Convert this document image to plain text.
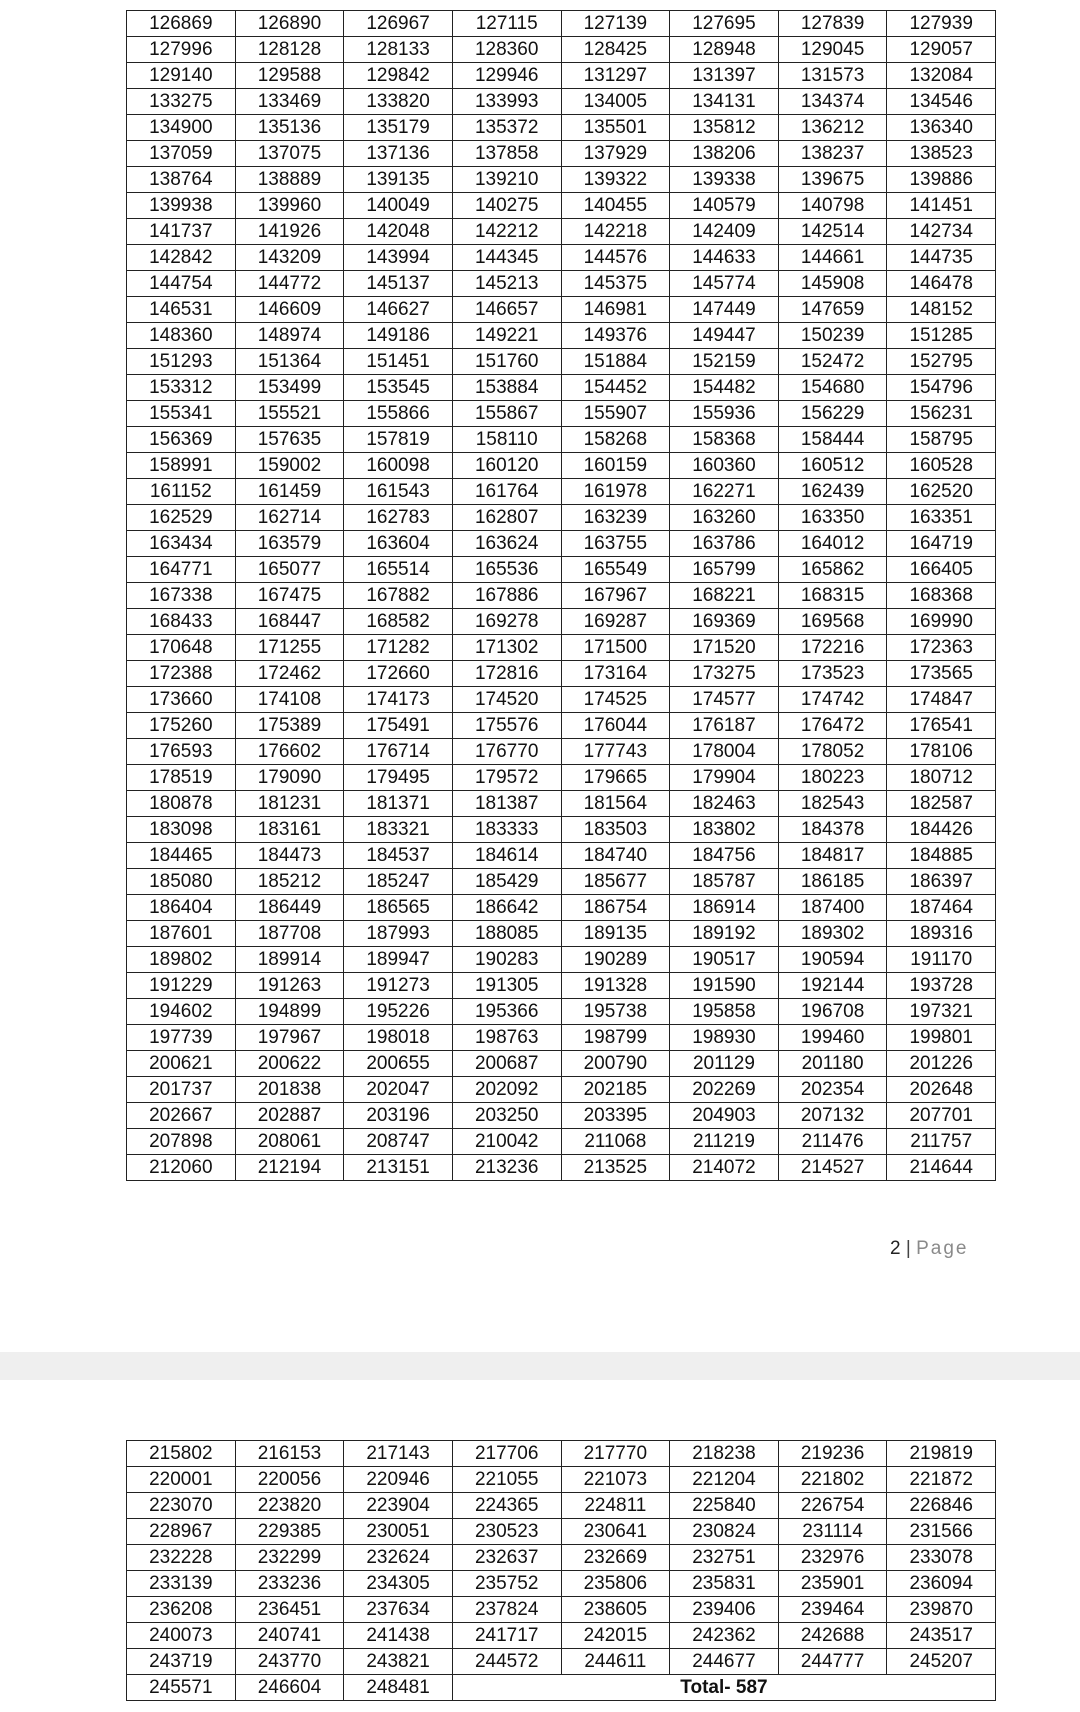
126869	126890	126967	127115	127139	127695	127839	127939
127996	128128	128133	128360	128425	128948	129045	129057
129140	129588	129842	129946	131297	131397	131573	132084
133275	133469	133820	133993	134005	134131	134374	134546
134900	135136	135179	135372	135501	135812	136212	136340
137059	137075	137136	137858	137929	138206	138237	138523
138764	138889	139135	139210	139322	139338	139675	139886
139938	139960	140049	140275	140455	140579	140798	141451
141737	141926	142048	142212	142218	142409	142514	142734
142842	143209	143994	144345	144576	144633	144661	144735
144754	144772	145137	145213	145375	145774	145908	146478
146531	146609	146627	146657	146981	147449	147659	148152
148360	148974	149186	149221	149376	149447	150239	151285
151293	151364	151451	151760	151884	152159	152472	152795
153312	153499	153545	153884	154452	154482	154680	154796
155341	155521	155866	155867	155907	155936	156229	156231
156369	157635	157819	158110	158268	158368	158444	158795
158991	159002	160098	160120	160159	160360	160512	160528
161152	161459	161543	161764	161978	162271	162439	162520
162529	162714	162783	162807	163239	163260	163350	163351
163434	163579	163604	163624	163755	163786	164012	164719
164771	165077	165514	165536	165549	165799	165862	166405
167338	167475	167882	167886	167967	168221	168315	168368
168433	168447	168582	169278	169287	169369	169568	169990
170648	171255	171282	171302	171500	171520	172216	172363
172388	172462	172660	172816	173164	173275	173523	173565
173660	174108	174173	174520	174525	174577	174742	174847
175260	175389	175491	175576	176044	176187	176472	176541
176593	176602	176714	176770	177743	178004	178052	178106
178519	179090	179495	179572	179665	179904	180223	180712
180878	181231	181371	181387	181564	182463	182543	182587
183098	183161	183321	183333	183503	183802	184378	184426
184465	184473	184537	184614	184740	184756	184817	184885
185080	185212	185247	185429	185677	185787	186185	186397
186404	186449	186565	186642	186754	186914	187400	187464
187601	187708	187993	188085	189135	189192	189302	189316
189802	189914	189947	190283	190289	190517	190594	191170
191229	191263	191273	191305	191328	191590	192144	193728
194602	194899	195226	195366	195738	195858	196708	197321
197739	197967	198018	198763	198799	198930	199460	199801
200621	200622	200655	200687	200790	201129	201180	201226
201737	201838	202047	202092	202185	202269	202354	202648
202667	202887	203196	203250	203395	204903	207132	207701
207898	208061	208747	210042	211068	211219	211476	211757
212060	212194	213151	213236	213525	214072	214527	214644
2 | Page
215802	216153	217143	217706	217770	218238	219236	219819
220001	220056	220946	221055	221073	221204	221802	221872
223070	223820	223904	224365	224811	225840	226754	226846
228967	229385	230051	230523	230641	230824	231114	231566
232228	232299	232624	232637	232669	232751	232976	233078
233139	233236	234305	235752	235806	235831	235901	236094
236208	236451	237634	237824	238605	239406	239464	239870
240073	240741	241438	241717	242015	242362	242688	243517
243719	243770	243821	244572	244611	244677	244777	245207
245571	246604	248481	Total- 587				
